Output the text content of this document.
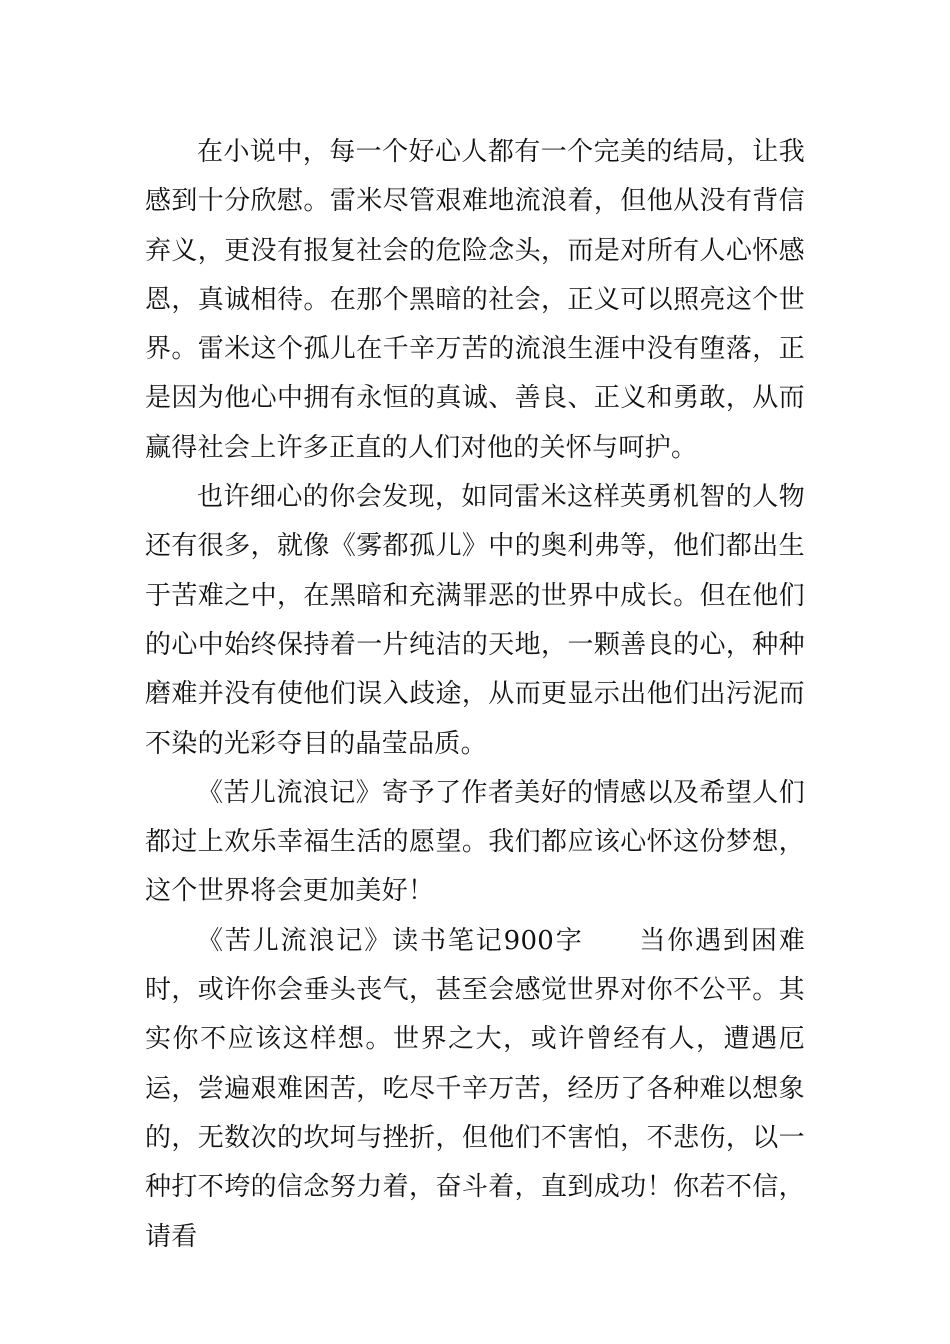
在小说中，每一个好心人都有一个完美的结局，让我感到十分欣慰。雷米尽管艰难地流浪着，但他从没有背信弃义，更没有报复社会的危险念头，而是对所有人心怀感恩，真诚相待。在那个黑暗的社会，正义可以照亮这个世界。雷米这个孤儿在千辛万苦的流浪生涯中没有堕落，正是因为他心中拥有永恒的真诚、善良、正义和勇敢，从而赢得社会上许多正直的人们对他的关怀与呵护。

也许细心的你会发现，如同雷米这样英勇机智的人物还有很多，就像《雾都孤儿》中的奥利弗等，他们都出生于苦难之中，在黑暗和充满罪恶的世界中成长。但在他们的心中始终保持着一片纯洁的天地，一颗善良的心，种种磨难并没有使他们误入歧途，从而更显示出他们出污泥而不染的光彩夺目的晶莹品质。

《苦儿流浪记》寄予了作者美好的情感以及希望人们都过上欢乐幸福生活的愿望。我们都应该心怀这份梦想，这个世界将会更加美好！

《苦儿流浪记》读书笔记900字　　当你遇到困难时，或许你会垂头丧气，甚至会感觉世界对你不公平。其实你不应该这样想。世界之大，或许曾经有人，遭遇厄运，尝遍艰难困苦，吃尽千辛万苦，经历了各种难以想象的，无数次的坎坷与挫折，但他们不害怕，不悲伤，以一种打不垮的信念努力着，奋斗着，直到成功！你若不信，请看
